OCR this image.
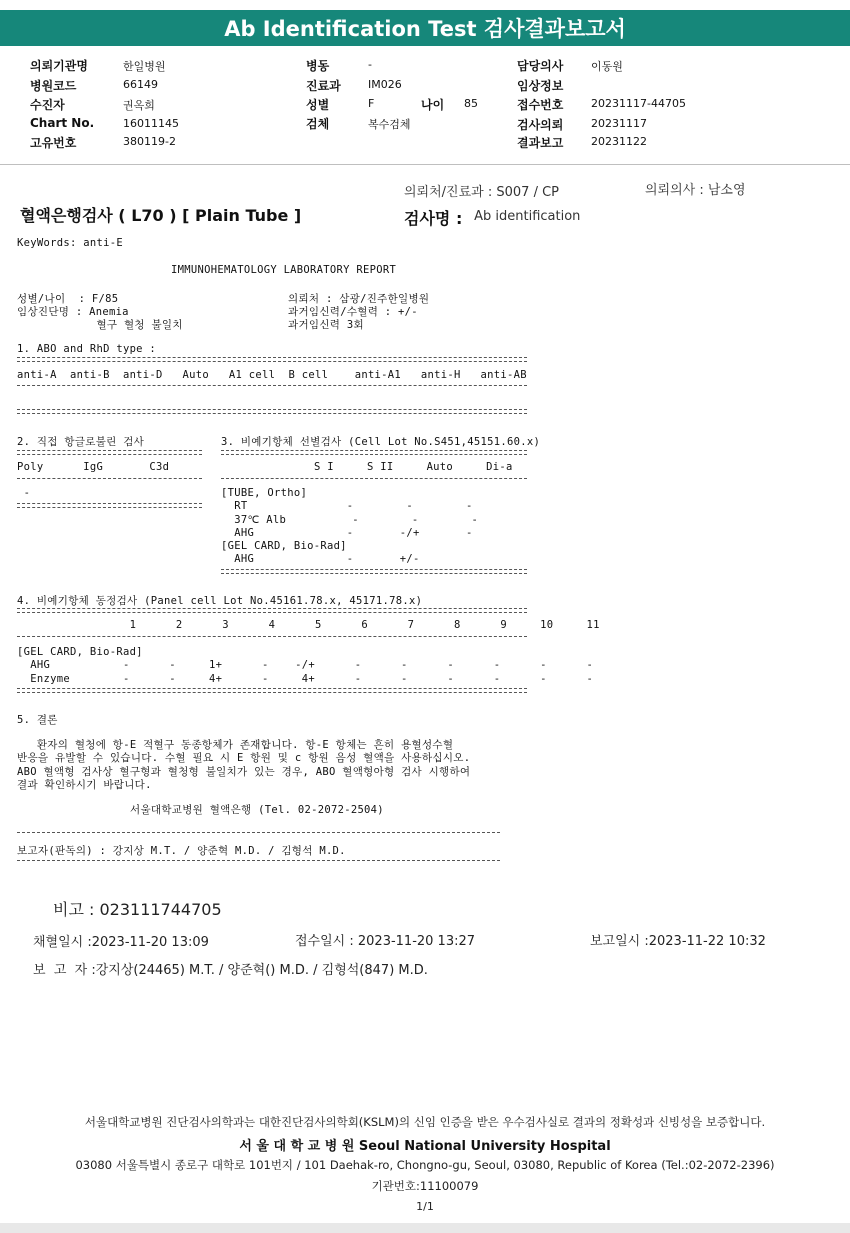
Ab Identification Test 검사결과보고서
의뢰기관명	한일병원
병원코드	66149
수진자	권옥희
Chart No.	16011145
고유번호	380119-2
병동	-
진료과 IM026
성별	F	나이 85
검체	복수검체
담당의사	이동원
임상정보
접수번호	20231117-44705
검사의뢰	20231117
결과보고	20231122
의뢰처/진료과 : S007 / CP	의뢰의사 : 남소영
혈액은행검사 ( L70 ) [ Plain Tube ]	검사명 : Ab identification
KeyWords: anti-E
IMMUNOHEMATOLOGY LABORATORY REPORT
성별/나이  : F/85
임상진단명 : Anemia
혈구 혈청 불일치
의뢰처 : 삼광/진주한일병원
과거임신력/수혈력 : +/-
과거임신력 3회
1. ABO and RhD type :
anti-A  anti-B  anti-D   Auto   A1 cell  B cell    anti-A1   anti-H   anti-AB
2. 직접 항글로불린 검사
Poly      IgG       C3d
-
3. 비예기항체 선별검사 (Cell Lot No.S451,45151.60.x)
S I     S II     Auto     Di-a
[TUBE, Ortho]
RT               -        -        -
37℃ Alb          -        -        -
AHG              -       -/+       -
[GEL CARD, Bio-Rad]
AHG              -       +/-
4. 비예기항체 동정검사 (Panel cell Lot No.45161.78.x, 45171.78.x)
1      2      3      4      5      6      7      8      9     10     11
[GEL CARD, Bio-Rad]
AHG           -      -     1+      -    -/+      -      -      -      -      -      -
Enzyme        -      -     4+      -     4+      -      -      -      -      -      -
5. 결론
환자의 혈청에 항-E 적혈구 동종항체가 존재합니다. 항-E 항체는 흔히 용혈성수혈
반응을 유발할 수 있습니다. 수혈 필요 시 E 항원 및 c 항원 음성 혈액을 사용하십시오.
ABO 혈액형 검사상 혈구형과 혈청형 불일치가 있는 경우, ABO 혈액형아형 검사 시행하여
결과 확인하시기 바랍니다.
서울대학교병원 혈액은행 (Tel. 02-2072-2504)
보고자(판독의) : 강지상 M.T. / 양준혁 M.D. / 김형석 M.D.
비고 : 023111744705
채혈일시 :2023-11-20 13:09	접수일시 : 2023-11-20 13:27	보고일시 :2023-11-22 10:32
보  고  자 :강지상(24465) M.T. / 양준혁() M.D. / 김형석(847) M.D.
서울대학교병원 진단검사의학과는 대한진단검사의학회(KSLM)의 신임 인증을 받은 우수검사실로 결과의 정확성과 신빙성을 보증합니다.
서 울 대 학 교 병 원 Seoul National University Hospital
03080 서울특별시 종로구 대학로 101번지 / 101 Daehak-ro, Chongno-gu, Seoul, 03080, Republic of Korea (Tel.:02-2072-2396)
기관번호:11100079
1/1
